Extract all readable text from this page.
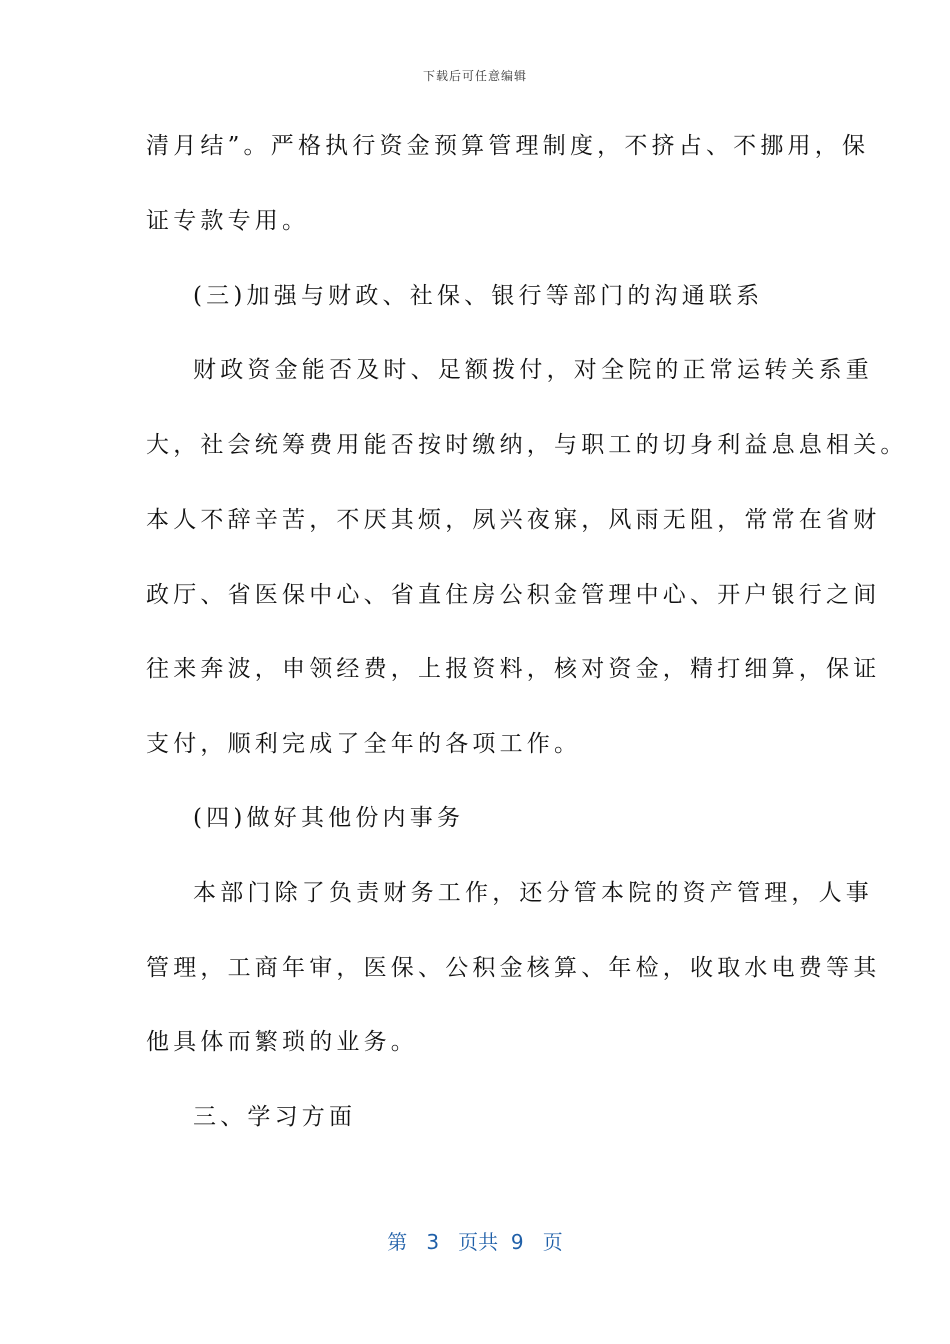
下载后可任意编辑
清月结”。严格执行资金预算管理制度，不挤占、不挪用，保
证专款专用。
(三)加强与财政、社保、银行等部门的沟通联系
财政资金能否及时、足额拨付，对全院的正常运转关系重
大，社会统筹费用能否按时缴纳，与职工的切身利益息息相关。
本人不辞辛苦，不厌其烦，夙兴夜寐，风雨无阻，常常在省财
政厅、省医保中心、省直住房公积金管理中心、开户银行之间
往来奔波，申领经费，上报资料，核对资金，精打细算，保证
支付，顺利完成了全年的各项工作。
(四)做好其他份内事务
本部门除了负责财务工作，还分管本院的资产管理，人事
管理，工商年审，医保、公积金核算、年检，收取水电费等其
他具体而繁琐的业务。
三、学习方面
第 3 页共 9 页
